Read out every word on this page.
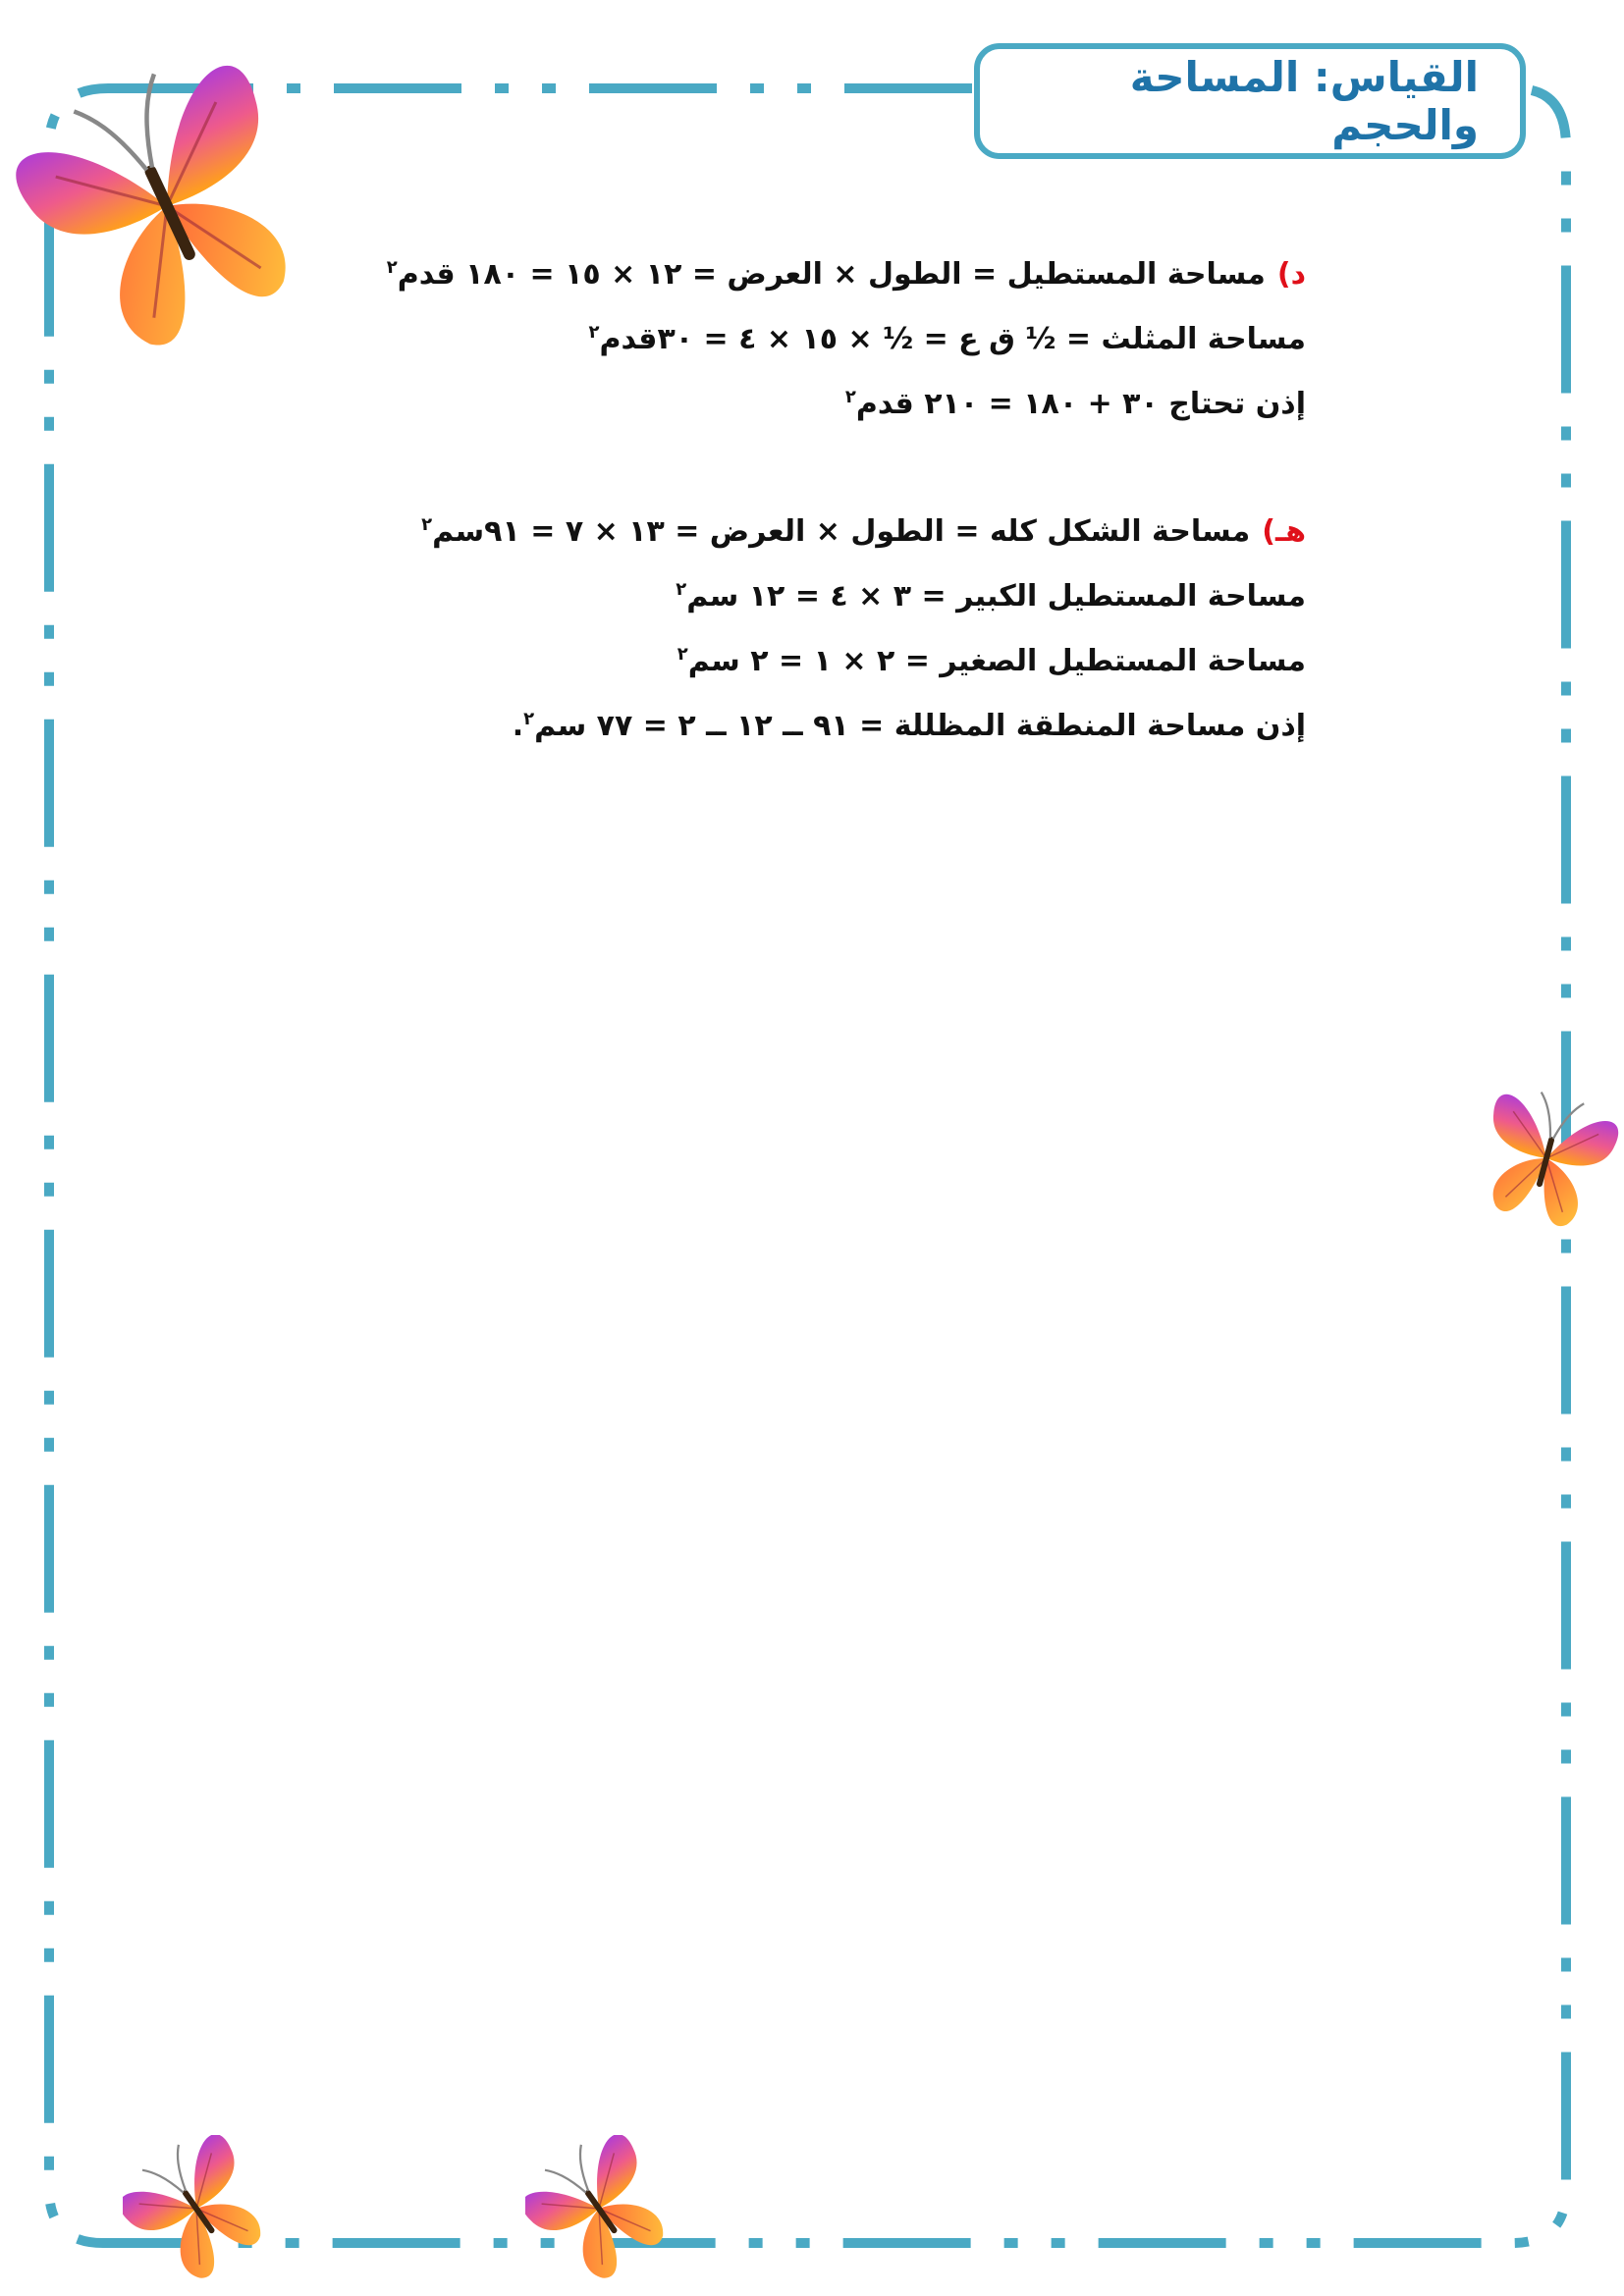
القياس: المساحة والحجم
د)مساحة المستطيل = الطول × العرض = ١٢ × ١٥ = ١٨٠ قدم$^٢$
مساحة المثلث = ½ ق ع = ½ × ١٥ × ٤ = ٣٠قدم$^٢$
إذن تحتاج ٣٠ + ١٨٠ = ٢١٠ قدم$^٢$
هـ)مساحة الشكل كله = الطول × العرض = ١٣ × ٧ = ٩١سم$^٢$
مساحة المستطيل الكبير = ٣ × ٤ = ١٢ سم$^٢$
مساحة المستطيل الصغير = ٢ × ١ = ٢ سم$^٢$
إذن مساحة المنطقة المظللة = ٩١ ــ ١٢ ــ ٢ = ٧٧ سم$^٢$.
